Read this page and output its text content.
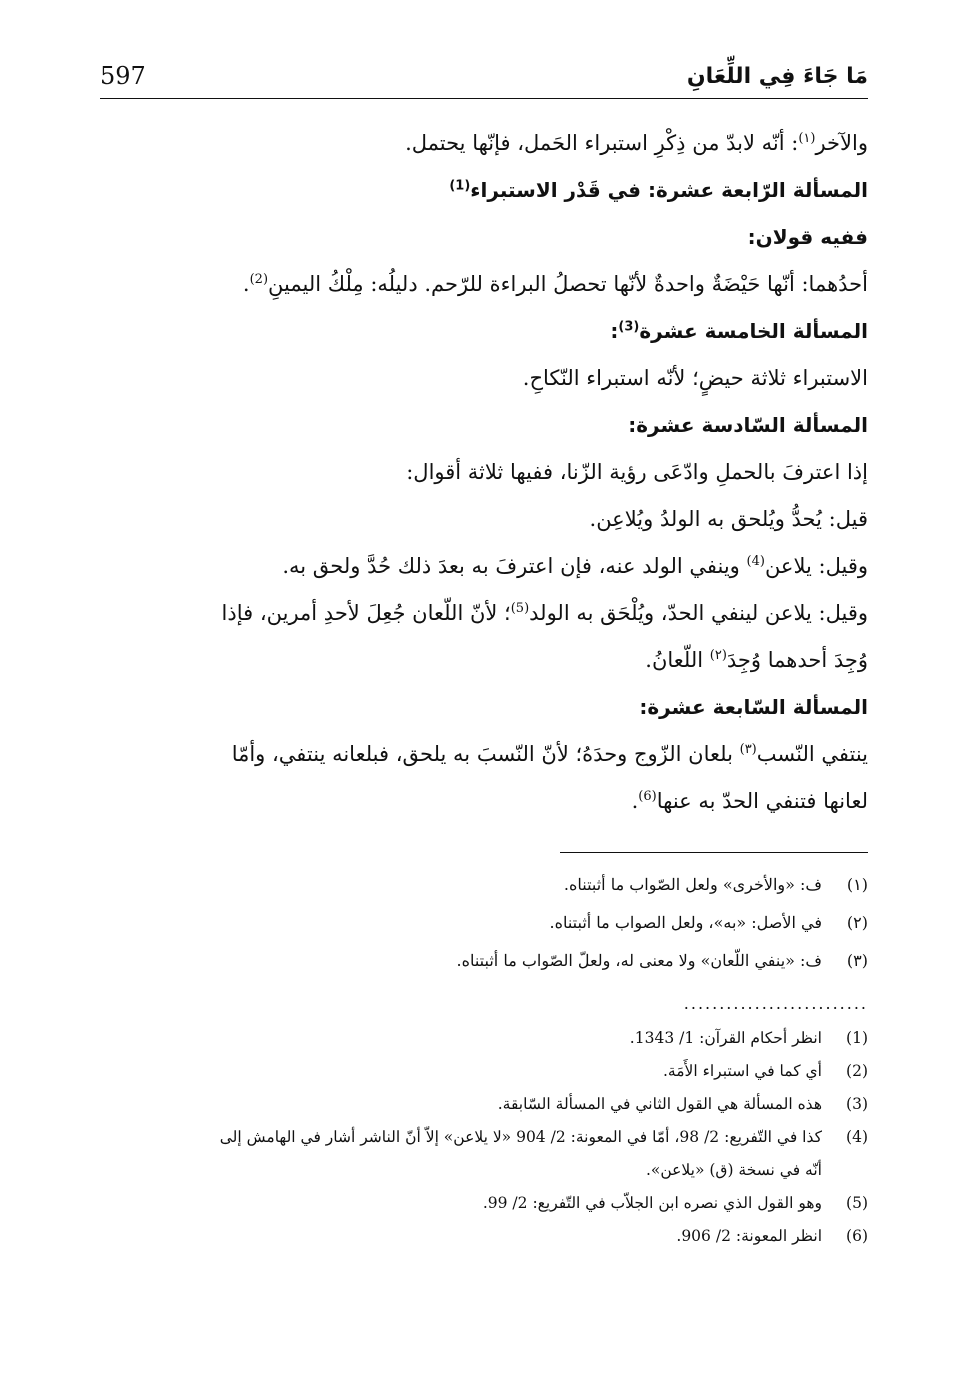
597	مَا جَاءَ فِي اللِّعَانِ
والآخر$^{(١)}$: أنّه لابدّ من ذِكْرِ استبراء الحَمل، فإنّها يحتمل.
المسألة الرّابعة عشرة: في قَدْر الاستبراء$^{(1)}$
ففيه قولان:
أحدُهما: أنّها حَيْضَةٌ واحدةٌ لأنّها تحصلُ البراءة للرّحم. دليلُه: مِلْكُ اليمينِ$^{(2)}$.
المسألة الخامسة عشرة$^{(3)}$:
الاستبراء ثلاثة حيضٍ؛ لأنّه استبراء النّكاحِ.
المسألة السّادسة عشرة:
إذا اعترفَ بالحملِ وادّعَى رؤية الزّنا، ففيها ثلاثة أقوال:
قيل: يُحدُّ ويُلحق به الولدُ ويُلاعِن.
وقيل: يلاعن$^{(4)}$ وينفي الولد عنه، فإن اعترفَ به بعدَ ذلك حُدَّ ولحق به.
وقيل: يلاعن لينفي الحدّ، ويُلْحَق به الولد$^{(5)}$؛ لأنّ اللّعان جُعِلَ لأحدِ أمرين، فإذا
وُجِدَ أحدهما وُجِدَ$^{(٢)}$ اللّعانُ.
المسألة السّابعة عشرة:
ينتفي النّسب$^{(٣)}$ بلعان الزّوج وحدَهُ؛ لأنّ النّسبَ به يلحق، فبلعانه ينتفي، وأمّا
لعانها فتنفي الحدّ به عنها$^{(6)}$.
(١)ف: «والأخرى» ولعل الصّواب ما أثبتناه.
(٢)في الأصل: «به»، ولعل الصواب ما أثبتناه.
(٣)ف: «ينفي اللّعان» ولا معنى له، ولعلّ الصّواب ما أثبتناه.
..........................
(1)انظر أحكام القرآن: 1/ 1343.
(2)أي كما في استبراء الأَمَة.
(3)هذه المسألة هي القول الثاني في المسألة السّابقة.
(4)كذا في التّفريع: 2/ 98، أمّا في المعونة: 2/ 904 «لا يلاعن» إلاّ أنّ الناشر أشار في الهامش إلى
أنّه في نسخة (ق) «يلاعن».
(5)وهو القول الذي نصره ابن الجلاّب في التّفريع: 2/ 99.
(6)انظر المعونة: 2/ 906.
